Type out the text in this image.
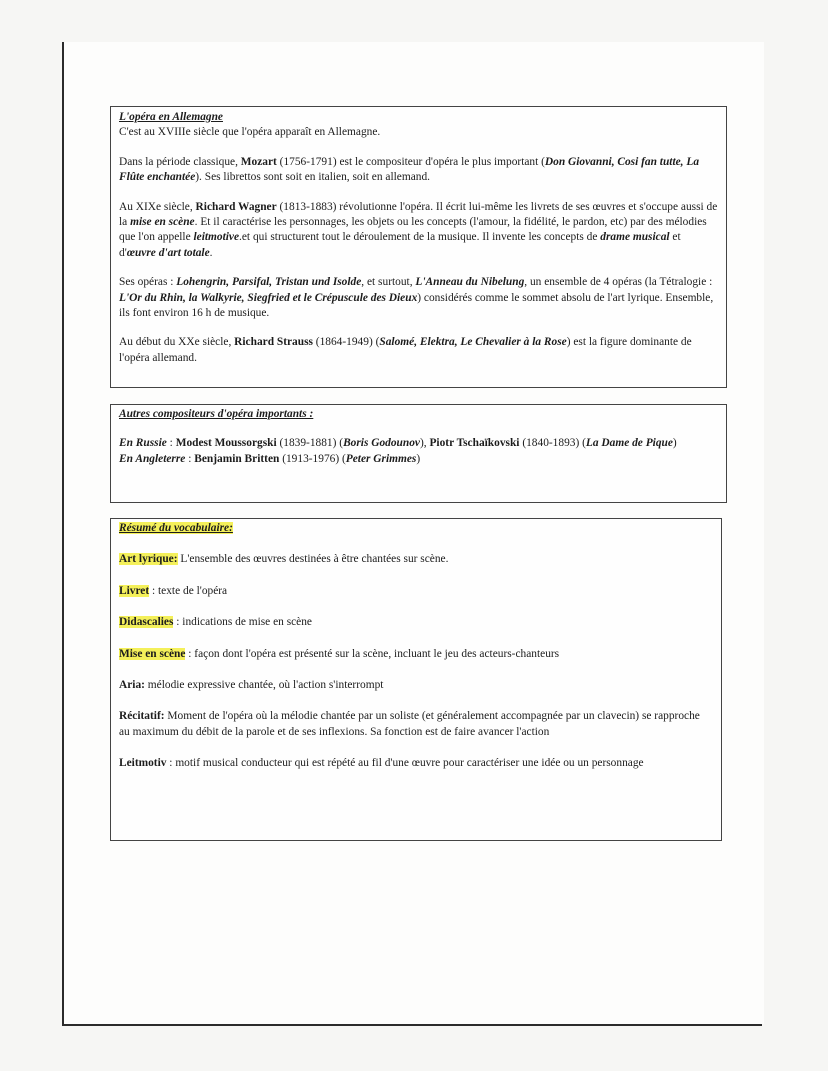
L'opéra en Allemagne

C'est au XVIIIe siècle que l'opéra apparaît en Allemagne.

Dans la période classique, Mozart (1756-1791) est le compositeur d'opéra le plus important (Don Giovanni, Cosi fan tutte, La Flûte enchantée). Ses librettos sont soit en italien, soit en allemand.

Au XIXe siècle, Richard Wagner (1813-1883) révolutionne l'opéra. Il écrit lui-même les livrets de ses œuvres et s'occupe aussi de la mise en scène. Et il caractérise les personnages, les objets ou les concepts (l'amour, la fidélité, le pardon, etc) par des mélodies que l'on appelle leitmotive.et qui structurent tout le déroulement de la musique. Il invente les concepts de drame musical et d'œuvre d'art totale.

Ses opéras : Lohengrin, Parsifal, Tristan und Isolde, et surtout, L'Anneau du Nibelung, un ensemble de 4 opéras (la Tétralogie : L'Or du Rhin, la Walkyrie, Siegfried et le Crépuscule des Dieux) considérés comme le sommet absolu de l'art lyrique. Ensemble, ils font environ 16 h de musique.

Au début du XXe siècle, Richard Strauss (1864-1949) (Salomé, Elektra, Le Chevalier à la Rose) est la figure dominante de l'opéra allemand.

Autres compositeurs d'opéra importants :

En Russie : Modest Moussorgski (1839-1881) (Boris Godounov), Piotr Tschaïkovski (1840-1893) (La Dame de Pique)

En Angleterre : Benjamin Britten (1913-1976) (Peter Grimmes)

Résumé du vocabulaire:

Art lyrique: L'ensemble des œuvres destinées à être chantées sur scène.

Livret : texte de l'opéra

Didascalies : indications de mise en scène

Mise en scène : façon dont l'opéra est présenté sur la scène, incluant le jeu des acteurs-chanteurs

Aria: mélodie expressive chantée, où l'action s'interrompt

Récitatif: Moment de l'opéra où la mélodie chantée par un soliste (et généralement accompagnée par un clavecin) se rapproche au maximum du débit de la parole et de ses inflexions. Sa fonction est de faire avancer l'action

Leitmotiv : motif musical conducteur qui est répété au fil d'une œuvre pour caractériser une idée ou un personnage
